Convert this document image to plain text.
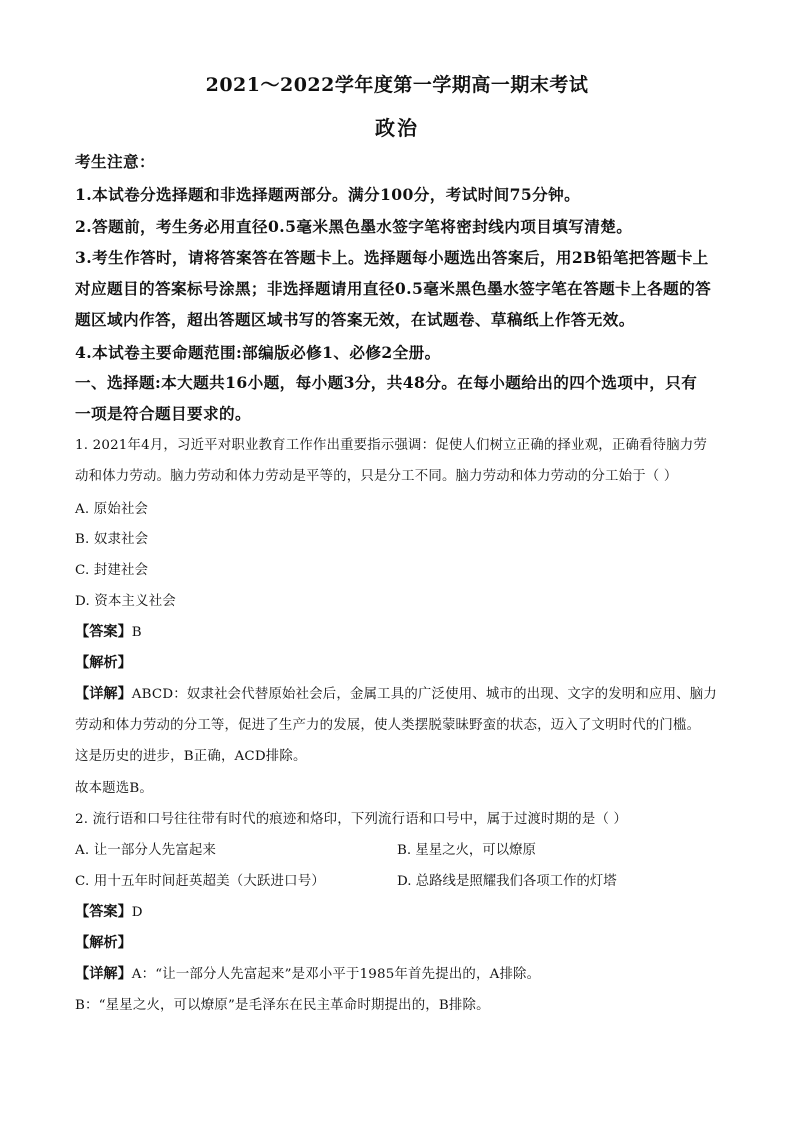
2021～2022学年度第一学期高一期末考试
政治
考生注意：
1.本试卷分选择题和非选择题两部分。满分100分，考试时间75分钟。
2.答题前，考生务必用直径0.5毫米黑色墨水签字笔将密封线内项目填写清楚。
3.考生作答时，请将答案答在答题卡上。选择题每小题选出答案后，用2B铅笔把答题卡上
对应题目的答案标号涂黑；非选择题请用直径0.5毫米黑色墨水签字笔在答题卡上各题的答
题区域内作答，超出答题区域书写的答案无效，在试题卷、草稿纸上作答无效。
4.本试卷主要命题范围:部编版必修1、必修2全册。
一、选择题:本大题共16小题，每小题3分，共48分。在每小题给出的四个选项中，只有
一项是符合题目要求的。
1. 2021年4月，习近平对职业教育工作作出重要指示强调：促使人们树立正确的择业观，正确看待脑力劳
动和体力劳动。脑力劳动和体力劳动是平等的，只是分工不同。脑力劳动和体力劳动的分工始于（ ）
A. 原始社会
B. 奴隶社会
C. 封建社会
D. 资本主义社会
【答案】B
【解析】
【详解】ABCD：奴隶社会代替原始社会后，金属工具的广泛使用、城市的出现、文字的发明和应用、脑力
劳动和体力劳动的分工等，促进了生产力的发展，使人类摆脱蒙昧野蛮的状态，迈入了文明时代的门槛。
这是历史的进步，B正确，ACD排除。
故本题选B。
2. 流行语和口号往往带有时代的痕迹和烙印，下列流行语和口号中，属于过渡时期的是（ ）
A. 让一部分人先富起来	B. 星星之火，可以燎原
C. 用十五年时间赶英超美（大跃进口号）	D. 总路线是照耀我们各项工作的灯塔
【答案】D
【解析】
【详解】A：“让一部分人先富起来”是邓小平于1985年首先提出的，A排除。
B：“星星之火，可以燎原”是毛泽东在民主革命时期提出的，B排除。
